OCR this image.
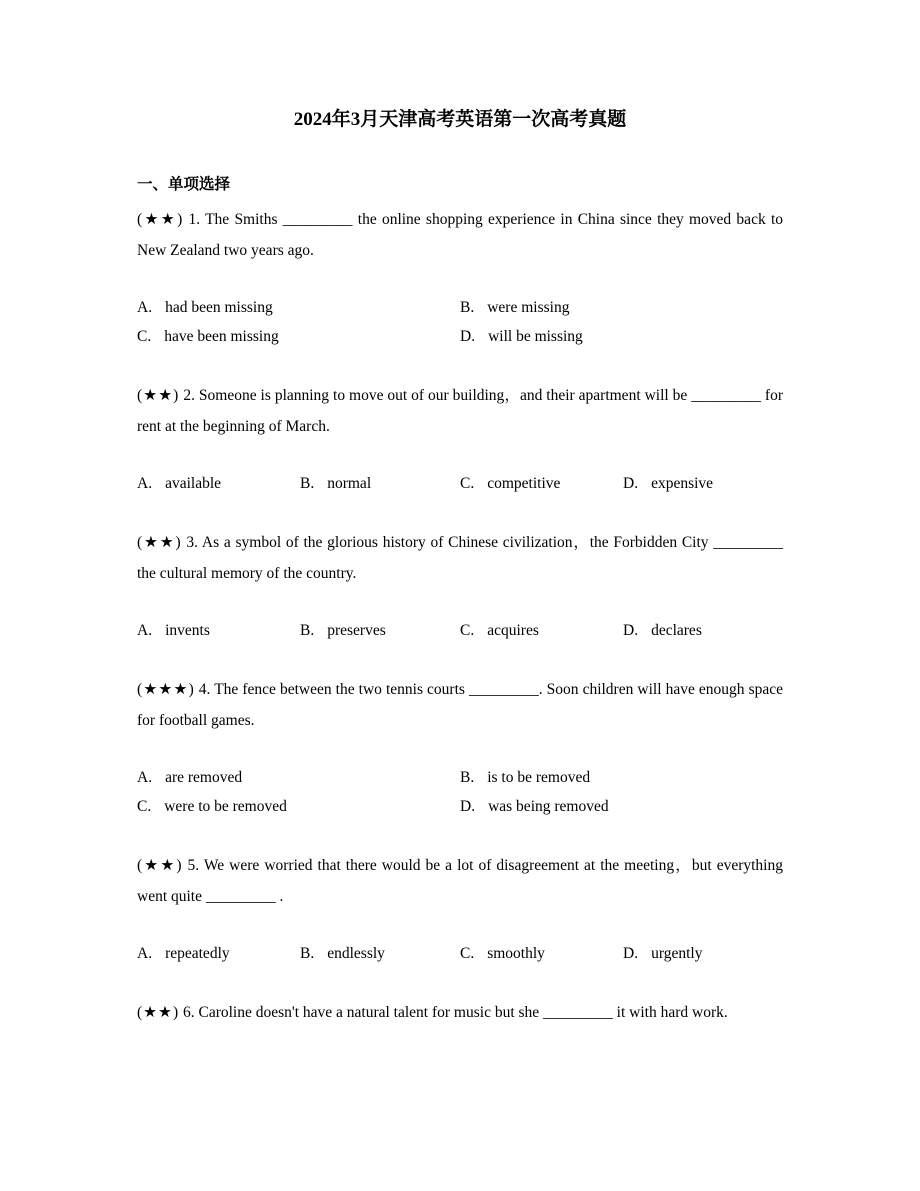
2024年3月天津高考英语第一次高考真题
一、单项选择

(★★) 1. The Smiths _________ the online shopping experience in China since they moved back to New Zealand two years ago.

A. had been missing	B. were missing
C. have been missing	D. will be missing

(★★) 2. Someone is planning to move out of our building，and their apartment will be _________ for rent at the beginning of March.

A. available	B. normal	C. competitive	D. expensive

(★★) 3. As a symbol of the glorious history of Chinese civilization，the Forbidden City _________ the cultural memory of the country.

A. invents	B. preserves	C. acquires	D. declares

(★★★) 4. The fence between the two tennis courts _________. Soon children will have enough space for football games.

A. are removed	B. is to be removed
C. were to be removed	D. was being removed

(★★) 5. We were worried that there would be a lot of disagreement at the meeting，but everything went quite _________ .

A. repeatedly	B. endlessly	C. smoothly	D. urgently

(★★) 6. Caroline doesn't have a natural talent for music but she _________ it with hard work.
